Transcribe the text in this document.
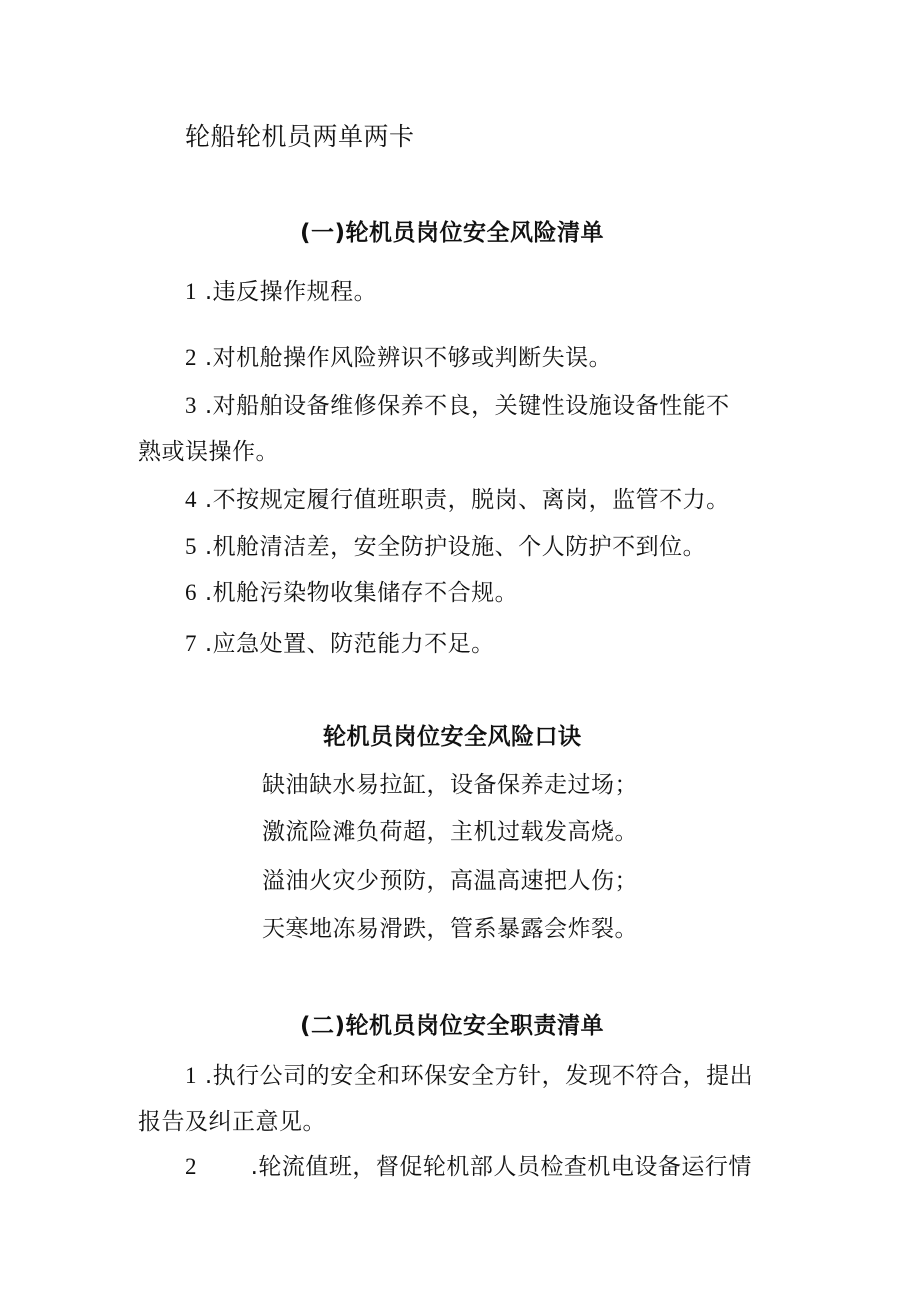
轮船轮机员两单两卡

(一)轮机员岗位安全风险清单

1 .违反操作规程。

2 .对机舱操作风险辨识不够或判断失误。

3 .对船舶设备维修保养不良，关键性设施设备性能不

熟或误操作。

4 .不按规定履行值班职责，脱岗、离岗，监管不力。

5 .机舱清洁差，安全防护设施、个人防护不到位。

6 .机舱污染物收集储存不合规。

7 .应急处置、防范能力不足。

轮机员岗位安全风险口诀

缺油缺水易拉缸，设备保养走过场；

激流险滩负荷超，主机过载发高烧。

溢油火灾少预防，高温高速把人伤；

天寒地冻易滑跌，管系暴露会炸裂。

(二)轮机员岗位安全职责清单

1 .执行公司的安全和环保安全方针，发现不符合，提出

报告及纠正意见。

2 .轮流值班，督促轮机部人员检查机电设备运行情
